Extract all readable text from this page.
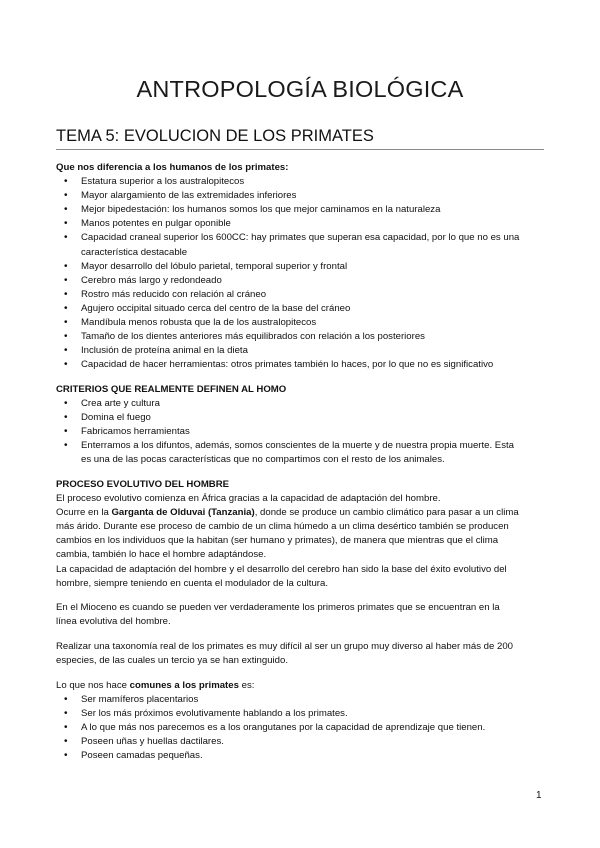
ANTROPOLOGÍA BIOLÓGICA
TEMA 5: EVOLUCION DE LOS PRIMATES
Que nos diferencia a los humanos de los primates:
• Estatura superior a los australopitecos
• Mayor alargamiento de las extremidades inferiores
• Mejor bipedestación: los humanos somos los que mejor caminamos en la naturaleza
• Manos potentes en pulgar oponible
• Capacidad craneal superior los 600CC: hay primates que superan esa capacidad, por lo que no es una
característica destacable
• Mayor desarrollo del lóbulo parietal, temporal superior y frontal
• Cerebro más largo y redondeado
• Rostro más reducido con relación al cráneo
• Agujero occipital situado cerca del centro de la base del cráneo
• Mandíbula menos robusta que la de los australopitecos
• Tamaño de los dientes anteriores más equilibrados con relación a los posteriores
• Inclusión de proteína animal en la dieta
• Capacidad de hacer herramientas: otros primates también lo haces, por lo que no es significativo
CRITERIOS QUE REALMENTE DEFINEN AL HOMO
• Crea arte y cultura
• Domina el fuego
• Fabricamos herramientas
• Enterramos a los difuntos, además, somos conscientes de la muerte y de nuestra propia muerte. Esta
es una de las pocas características que no compartimos con el resto de los animales.
PROCESO EVOLUTIVO DEL HOMBRE
El proceso evolutivo comienza en África gracias a la capacidad de adaptación del hombre.
Ocurre en la Garganta de Olduvai (Tanzania), donde se produce un cambio climático para pasar a un clima
más árido. Durante ese proceso de cambio de un clima húmedo a un clima desértico también se producen
cambios en los individuos que la habitan (ser humano y primates), de manera que mientras que el clima
cambia, también lo hace el hombre adaptándose.
La capacidad de adaptación del hombre y el desarrollo del cerebro han sido la base del éxito evolutivo del
hombre, siempre teniendo en cuenta el modulador de la cultura.
En el Mioceno es cuando se pueden ver verdaderamente los primeros primates que se encuentran en la
línea evolutiva del hombre.
Realizar una taxonomía real de los primates es muy difícil al ser un grupo muy diverso al haber más de 200
especies, de las cuales un tercio ya se han extinguido.
Lo que nos hace comunes a los primates es:
• Ser mamíferos placentarios
• Ser los más próximos evolutivamente hablando a los primates.
• A lo que más nos parecemos es a los orangutanes por la capacidad de aprendizaje que tienen.
• Poseen uñas y huellas dactilares.
• Poseen camadas pequeñas.
1
